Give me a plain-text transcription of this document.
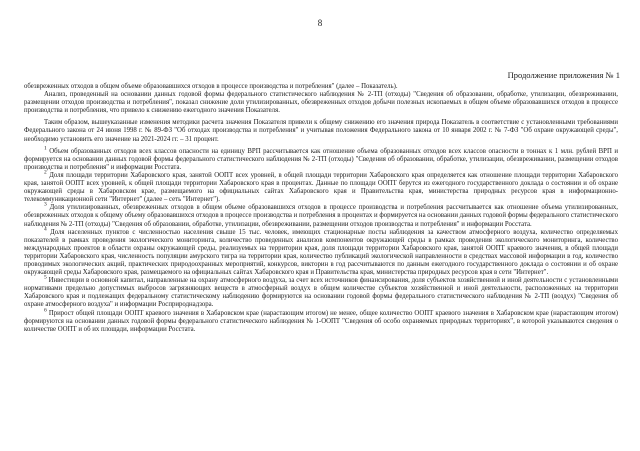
8
Продолжение приложения № 1

обезвреженных отходов в общем объеме образовавшихся отходов в процессе производства и потребления" (далее – Показатель).

Анализ, проведенный на основании данных годовой формы федерального статистического наблюдения № 2-ТП (отходы) "Сведения об образовании, обработке, утилизации, обезвреживании, размещении отходов производства и потребления", показал снижение доли утилизированных, обезвреженных отходов добычи полезных ископаемых в общем объеме образовавшихся отходов в процессе производства и потребления, что привело к снижению ежегодного значения Показателя.

Таким образом, вышеуказанные изменения методики расчета значения Показателя привели к общему снижению его значения природа Показатель в соответствие с установленными требованиями Федерального закона от 24 июня 1998 г. № 89-ФЗ "Об отходах производства и потребления" и учитывая положения Федерального закона от 10 января 2002 г. № 7-ФЗ "Об охране окружающей среды", необходимо установить его значение на 2021-2024 гг. – 31 процент.

$^1$ Объем образованных отходов всех классов опасности на единицу ВРП рассчитывается как отношение объема образованных отходов всех классов опасности в тоннах к 1 млн. рублей ВРП и формируется на основании данных годовой формы федерального статистического наблюдения № 2-ТП (отходы) "Сведения об образовании, обработке, утилизации, обезвреживании, размещении отходов производства и потребления" и информации Росстата.

$^2$ Доля площади территории Хабаровского края, занятой ООПТ всех уровней, в общей площади территории Хабаровского края определяется как отношение площади территории Хабаровского края, занятой ООПТ всех уровней, к общей площади территории Хабаровского края в процентах. Данные по площади ООПТ берутся из ежегодного государственного доклада о состоянии и об охране окружающей среды в Хабаровском крае, размещаемого на официальных сайтах Хабаровского края и Правительства края, министерства природных ресурсов края в информационно-телекоммуникационной сети "Интернет" (далее – сеть "Интернет").

$^3$ Доля утилизированных, обезвреженных отходов в общем объеме образовавшихся отходов в процессе производства и потребления рассчитывается как отношение объема утилизированных, обезвреженных отходов к общему объему образовавшихся отходов в процессе производства и потребления в процентах и формируется на основании данных годовой формы федерального статистического наблюдения № 2-ТП (отходы) "Сведения об образовании, обработке, утилизации, обезвреживании, размещении отходов производства и потребления" и информации Росстата.

$^4$ Доля населенных пунктов с численностью населения свыше 15 тыс. человек, имеющих стационарные посты наблюдения за качеством атмосферного воздуха, количество определяемых показателей в рамках проведения экологического мониторинга, количество проведенных анализов компонентов окружающей среды в рамках проведения экологического мониторинга, количество международных проектов в области охраны окружающей среды, реализуемых на территории края, доля площади территории Хабаровского края, занятой ООПТ краевого значения, в общей площади территории Хабаровского края, численность популяции амурского тигра на территории края, количество публикаций экологической направленности в средствах массовой информации в год, количество проводимых экологических акций, практических природоохранных мероприятий, конкурсов, викторин в год рассчитываются по данным ежегодного государственного доклада о состоянии и об охране окружающей среды Хабаровского края, размещаемого на официальных сайтах Хабаровского края и Правительства края, министерства природных ресурсов края в сети "Интернет".

$^5$ Инвестиции в основной капитал, направленные на охрану атмосферного воздуха, за счет всех источников финансирования, доля субъектов хозяйственной и иной деятельности с установленными нормативами предельно допустимых выбросов загрязняющих веществ в атмосферный воздух в общем количестве субъектов хозяйственной и иной деятельности, расположенных на территории Хабаровского края и подлежащих федеральному статистическому наблюдению формируются на основании годовой формы федерального статистического наблюдения № 2-ТП (воздух) "Сведения об охране атмосферного воздуха" и информации Росприроднадзора.

$^6$ Прирост общей площади ООПТ краевого значения в Хабаровском крае (нарастающим итогом) не менее, общее количество ООПТ краевого значения в Хабаровском крае (нарастающим итогом) формируются на основании данных годовой формы федерального статистического наблюдения № 1-ООПТ "Сведения об особо охраняемых природных территориях", в которой указываются сведения о количестве ООПТ и об их площади, информации Росстата.
